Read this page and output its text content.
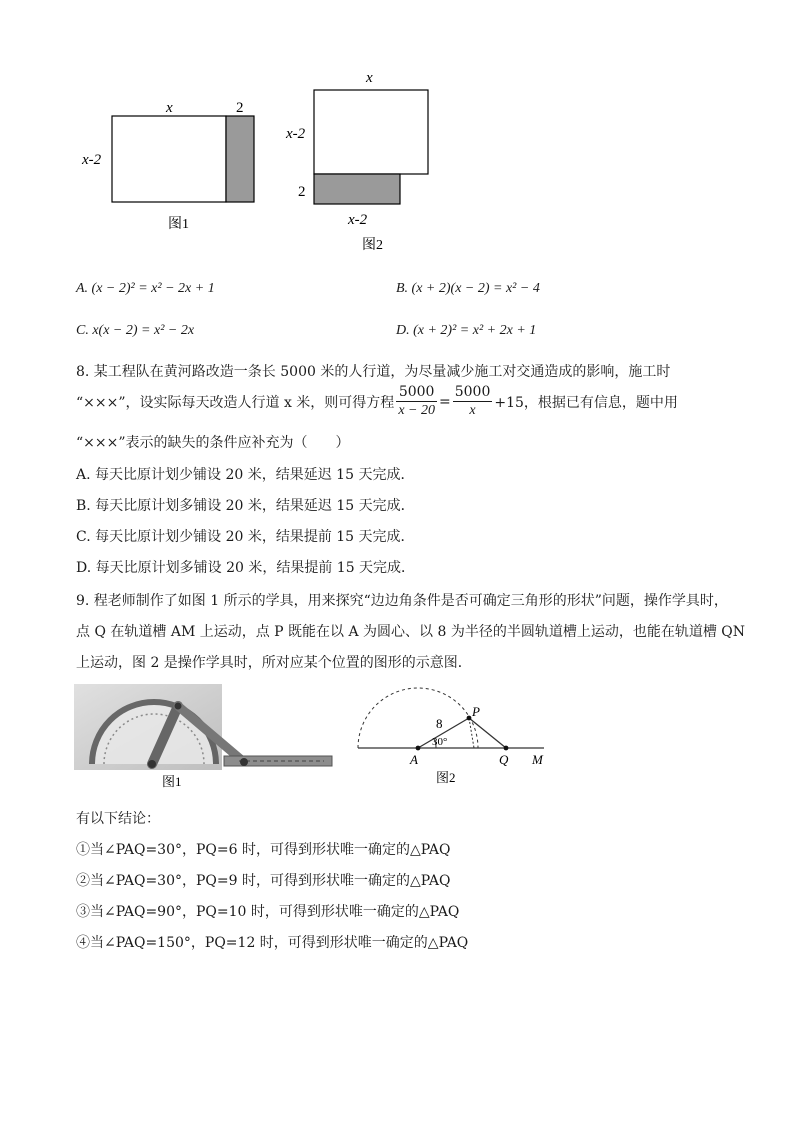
x	2
x-2
图1
x
x-2
2
x-2
图2
A. (x − 2)² = x² − 2x + 1	B. (x + 2)(x − 2) = x² − 4
C. x(x − 2) = x² − 2x	D. (x + 2)² = x² + 2x + 1
8. 某工程队在黄河路改造一条长 5000 米的人行道，为尽量减少施工对交通造成的影响，施工时
“×××”，设实际每天改造人行道 x 米，则可得方程 $\frac{5000}{x - 20} = \frac{5000}{x} +15$，根据已有信息，题中用
“×××”表示的缺失的条件应补充为（　　）
A. 每天比原计划少铺设 20 米，结果延迟 15 天完成．
B. 每天比原计划多铺设 20 米，结果延迟 15 天完成．
C. 每天比原计划少铺设 20 米，结果提前 15 天完成．
D. 每天比原计划多铺设 20 米，结果提前 15 天完成．
9. 程老师制作了如图 1 所示的学具，用来探究“边边角条件是否可确定三角形的形状”问题，操作学具时，
点 Q 在轨道槽 AM 上运动，点 P 既能在以 A 为圆心、以 8 为半径的半圆轨道槽上运动，也能在轨道槽 QN
上运动，图 2 是操作学具时，所对应某个位置的图形的示意图．
图1
8
P
30°
A	Q M
图2
有以下结论：
①当∠PAQ=30°，PQ=6 时，可得到形状唯一确定的△PAQ
②当∠PAQ=30°，PQ=9 时，可得到形状唯一确定的△PAQ
③当∠PAQ=90°，PQ=10 时，可得到形状唯一确定的△PAQ
④当∠PAQ=150°，PQ=12 时，可得到形状唯一确定的△PAQ
